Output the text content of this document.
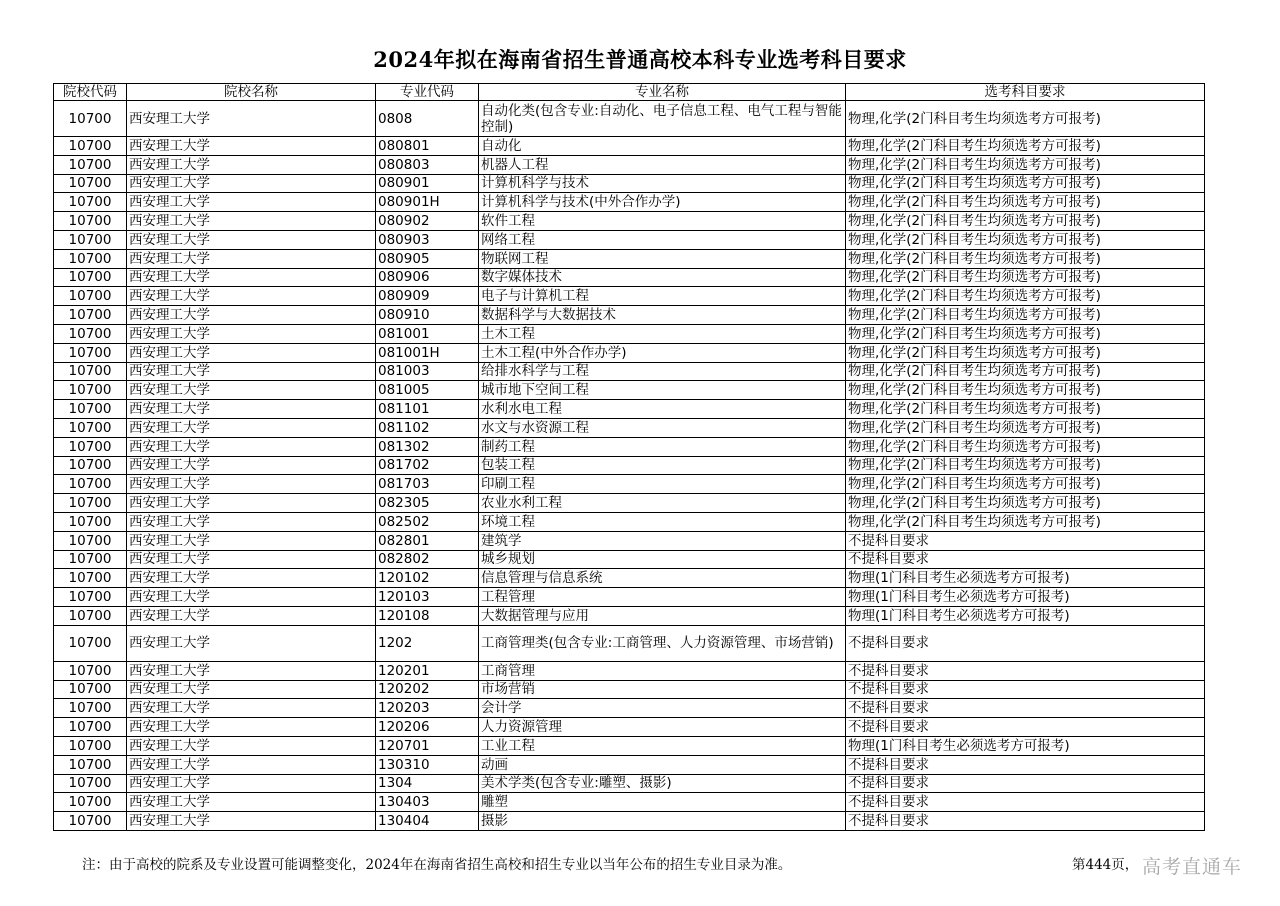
2024年拟在海南省招生普通高校本科专业选考科目要求
院校代码	院校名称	专业代码	专业名称	选考科目要求
10700	西安理工大学	0808	自动化类(包含专业:自动化、电子信息工程、电气工程与智能控制)	物理,化学(2门科目考生均须选考方可报考)
10700	西安理工大学	080801	自动化	物理,化学(2门科目考生均须选考方可报考)
10700	西安理工大学	080803	机器人工程	物理,化学(2门科目考生均须选考方可报考)
10700	西安理工大学	080901	计算机科学与技术	物理,化学(2门科目考生均须选考方可报考)
10700	西安理工大学	080901H	计算机科学与技术(中外合作办学)	物理,化学(2门科目考生均须选考方可报考)
10700	西安理工大学	080902	软件工程	物理,化学(2门科目考生均须选考方可报考)
10700	西安理工大学	080903	网络工程	物理,化学(2门科目考生均须选考方可报考)
10700	西安理工大学	080905	物联网工程	物理,化学(2门科目考生均须选考方可报考)
10700	西安理工大学	080906	数字媒体技术	物理,化学(2门科目考生均须选考方可报考)
10700	西安理工大学	080909	电子与计算机工程	物理,化学(2门科目考生均须选考方可报考)
10700	西安理工大学	080910	数据科学与大数据技术	物理,化学(2门科目考生均须选考方可报考)
10700	西安理工大学	081001	土木工程	物理,化学(2门科目考生均须选考方可报考)
10700	西安理工大学	081001H	土木工程(中外合作办学)	物理,化学(2门科目考生均须选考方可报考)
10700	西安理工大学	081003	给排水科学与工程	物理,化学(2门科目考生均须选考方可报考)
10700	西安理工大学	081005	城市地下空间工程	物理,化学(2门科目考生均须选考方可报考)
10700	西安理工大学	081101	水利水电工程	物理,化学(2门科目考生均须选考方可报考)
10700	西安理工大学	081102	水文与水资源工程	物理,化学(2门科目考生均须选考方可报考)
10700	西安理工大学	081302	制药工程	物理,化学(2门科目考生均须选考方可报考)
10700	西安理工大学	081702	包装工程	物理,化学(2门科目考生均须选考方可报考)
10700	西安理工大学	081703	印刷工程	物理,化学(2门科目考生均须选考方可报考)
10700	西安理工大学	082305	农业水利工程	物理,化学(2门科目考生均须选考方可报考)
10700	西安理工大学	082502	环境工程	物理,化学(2门科目考生均须选考方可报考)
10700	西安理工大学	082801	建筑学	不提科目要求
10700	西安理工大学	082802	城乡规划	不提科目要求
10700	西安理工大学	120102	信息管理与信息系统	物理(1门科目考生必须选考方可报考)
10700	西安理工大学	120103	工程管理	物理(1门科目考生必须选考方可报考)
10700	西安理工大学	120108	大数据管理与应用	物理(1门科目考生必须选考方可报考)
10700	西安理工大学	1202	工商管理类(包含专业:工商管理、人力资源管理、市场营销)	不提科目要求
10700	西安理工大学	120201	工商管理	不提科目要求
10700	西安理工大学	120202	市场营销	不提科目要求
10700	西安理工大学	120203	会计学	不提科目要求
10700	西安理工大学	120206	人力资源管理	不提科目要求
10700	西安理工大学	120701	工业工程	物理(1门科目考生必须选考方可报考)
10700	西安理工大学	130310	动画	不提科目要求
10700	西安理工大学	1304	美术学类(包含专业:雕塑、摄影)	不提科目要求
10700	西安理工大学	130403	雕塑	不提科目要求
10700	西安理工大学	130404	摄影	不提科目要求
注：由于高校的院系及专业设置可能调整变化，2024年在海南省招生高校和招生专业以当年公布的招生专业目录为准。	第444页， 高考直通车
